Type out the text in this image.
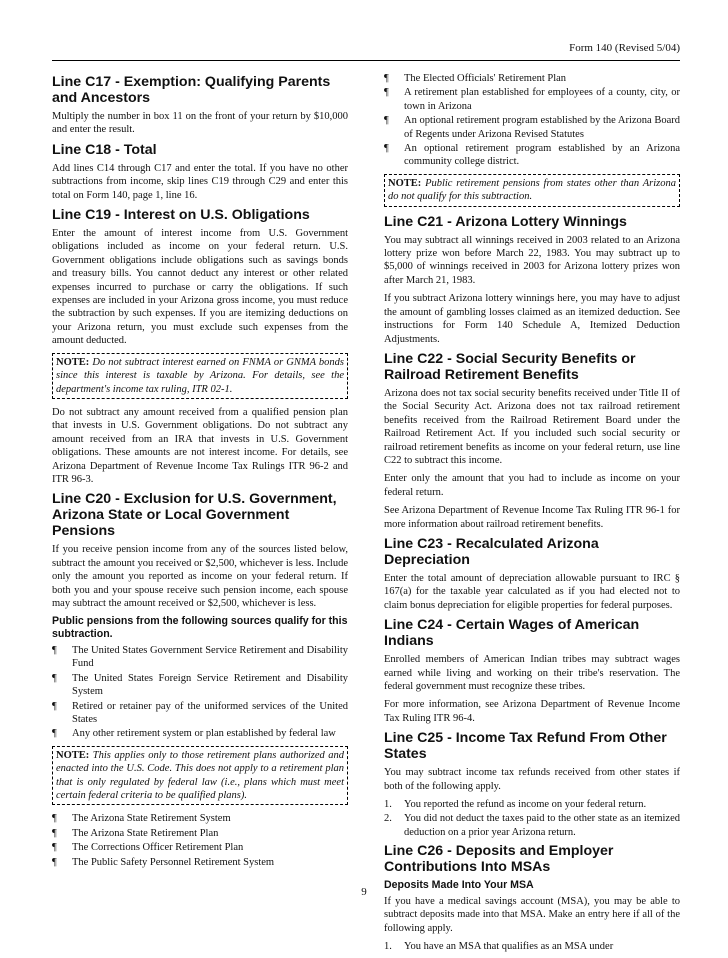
Form 140 (Revised 5/04)
Line C17 - Exemption: Qualifying Parents and Ancestors

Multiply the number in box 11 on the front of your return by $10,000 and enter the result.

Line C18 - Total

Add lines C14 through C17 and enter the total. If you have no other subtractions from income, skip lines C19 through C29 and enter this total on Form 140, page 1, line 16.

Line C19 - Interest on U.S. Obligations

Enter the amount of interest income from U.S. Government obligations included as income on your federal return. U.S. Government obligations include obligations such as savings bonds and treasury bills. You cannot deduct any interest or other related expenses incurred to purchase or carry the obligations. If such expenses are included in your Arizona gross income, you must reduce the subtraction by such expenses. If you are itemizing deductions on your Arizona return, you must exclude such expenses from the amount deducted.

NOTE: Do not subtract interest earned on FNMA or GNMA bonds since this interest is taxable by Arizona. For details, see the department's income tax ruling, ITR 02-1.

Do not subtract any amount received from a qualified pension plan that invests in U.S. Government obligations. Do not subtract any amount received from an IRA that invests in U.S. Government obligations. These amounts are not interest income. For details, see Arizona Department of Revenue Income Tax Rulings ITR 96-2 and ITR 96-3.

Line C20 - Exclusion for U.S. Government, Arizona State or Local Government Pensions

If you receive pension income from any of the sources listed below, subtract the amount you received or $2,500, whichever is less. Include only the amount you reported as income on your federal return. If both you and your spouse receive such pension income, each spouse may subtract the amount received or $2,500, whichever is less.

Public pensions from the following sources qualify for this subtraction.
¶ The United States Government Service Retirement and Disability Fund
¶ The United States Foreign Service Retirement and Disability System
¶ Retired or retainer pay of the uniformed services of the United States
¶ Any other retirement system or plan established by federal law
NOTE: This applies only to those retirement plans authorized and enacted into the U.S. Code. This does not apply to a retirement plan that is only regulated by federal law (i.e., plans which must meet certain federal criteria to be qualified plans).
¶ The Arizona State Retirement System
¶ The Arizona State Retirement Plan
¶ The Corrections Officer Retirement Plan
¶ The Public Safety Personnel Retirement System
¶ The Elected Officials' Retirement Plan
¶ A retirement plan established for employees of a county, city, or town in Arizona
¶ An optional retirement program established by the Arizona Board of Regents under Arizona Revised Statutes
¶ An optional retirement program established by an Arizona community college district.
NOTE: Public retirement pensions from states other than Arizona do not qualify for this subtraction.
Line C21 - Arizona Lottery Winnings

You may subtract all winnings received in 2003 related to an Arizona lottery prize won before March 22, 1983. You may subtract up to $5,000 of winnings received in 2003 for Arizona lottery prizes won after March 21, 1983.

If you subtract Arizona lottery winnings here, you may have to adjust the amount of gambling losses claimed as an itemized deduction. See instructions for Form 140 Schedule A, Itemized Deduction Adjustments.

Line C22 - Social Security Benefits or Railroad Retirement Benefits

Arizona does not tax social security benefits received under Title II of the Social Security Act. Arizona does not tax railroad retirement benefits received from the Railroad Retirement Board under the Railroad Retirement Act. If you included such social security or railroad retirement benefits as income on your federal return, use line C22 to subtract this income.

Enter only the amount that you had to include as income on your federal return.

See Arizona Department of Revenue Income Tax Ruling ITR 96-1 for more information about railroad retirement benefits.

Line C23 - Recalculated Arizona Depreciation

Enter the total amount of depreciation allowable pursuant to IRC § 167(a) for the taxable year calculated as if you had elected not to claim bonus depreciation for eligible properties for federal purposes.

Line C24 - Certain Wages of American Indians

Enrolled members of American Indian tribes may subtract wages earned while living and working on their tribe's reservation. The federal government must recognize these tribes.

For more information, see Arizona Department of Revenue Income Tax Ruling ITR 96-4.

Line C25 - Income Tax Refund From Other States

You may subtract income tax refunds received from other states if both of the following apply.

1. You reported the refund as income on your federal return.
2. You did not deduct the taxes paid to the other state as an itemized deduction on a prior year Arizona return.
Line C26 - Deposits and Employer Contributions Into MSAs
Deposits Made Into Your MSA

If you have a medical savings account (MSA), you may be able to subtract deposits made into that MSA. Make an entry here if all of the following apply.

1. You have an MSA that qualifies as an MSA under
9
